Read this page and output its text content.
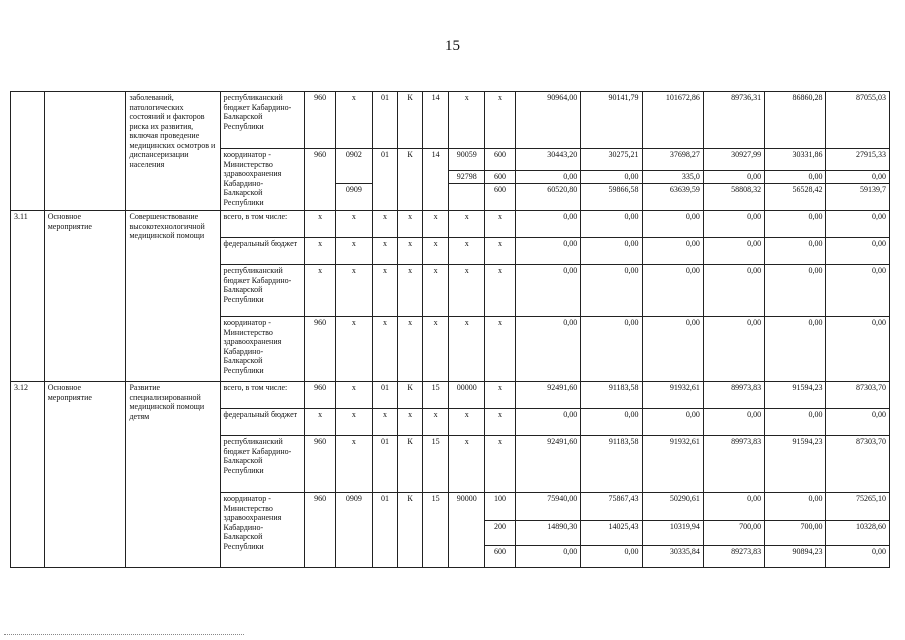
15
		заболеваний, патологических состояний и факторов риска их развития, включая проведение медицинских осмотров и диспансеризации населения	республиканский бюджет Кабардино-Балкарской Республики	960	x	01	К	14	x	x	90964,00	90141,79	101672,86	89736,31	86860,28	87055,03
			координатор - Министерство здравоохранения Кабардино-Балкарской Республики	960	0902	01	К	14	90059	600	30443,20	30275,21	37698,27	30927,99	30331,86	27915,33
									92798	600	0,00	0,00	335,0	0,00	0,00	0,00
					0909					600	60520,80	59866,58	63639,59	58808,32	56528,42	59139,7
3.11	Основное мероприятие	Совершенствование высокотехнологичной медицинской помощи	всего, в том числе:	x	x	x	x	x	x	x	0,00	0,00	0,00	0,00	0,00	0,00
			федеральный бюджет	x	x	x	x	x	x	x	0,00	0,00	0,00	0,00	0,00	0,00
			республиканский бюджет Кабардино-Балкарской Республики	x	x	x	x	x	x	x	0,00	0,00	0,00	0,00	0,00	0,00
			координатор - Министерство здравоохранения Кабардино-Балкарской Республики	960	x	x	x	x	x	x	0,00	0,00	0,00	0,00	0,00	0,00
3.12	Основное мероприятие	Развитие специализированной медицинской помощи детям	всего, в том числе:	960	x	01	К	15	00000	x	92491,60	91183,58	91932,61	89973,83	91594,23	87303,70
			федеральный бюджет	x	x	x	x	x	x	x	0,00	0,00	0,00	0,00	0,00	0,00
			республиканский бюджет Кабардино-Балкарской Республики	960	x	01	К	15	x	x	92491,60	91183,58	91932,61	89973,83	91594,23	87303,70
			координатор - Министерство здравоохранения Кабардино-Балкарской Республики	960	0909	01	К	15	90000	100	75940,00	75867,43	50290,61	0,00	0,00	75265,10
										200	14890,30	14025,43	10319,94	700,00	700,00	10328,60
										600	0,00	0,00	30335,84	89273,83	90894,23	0,00
